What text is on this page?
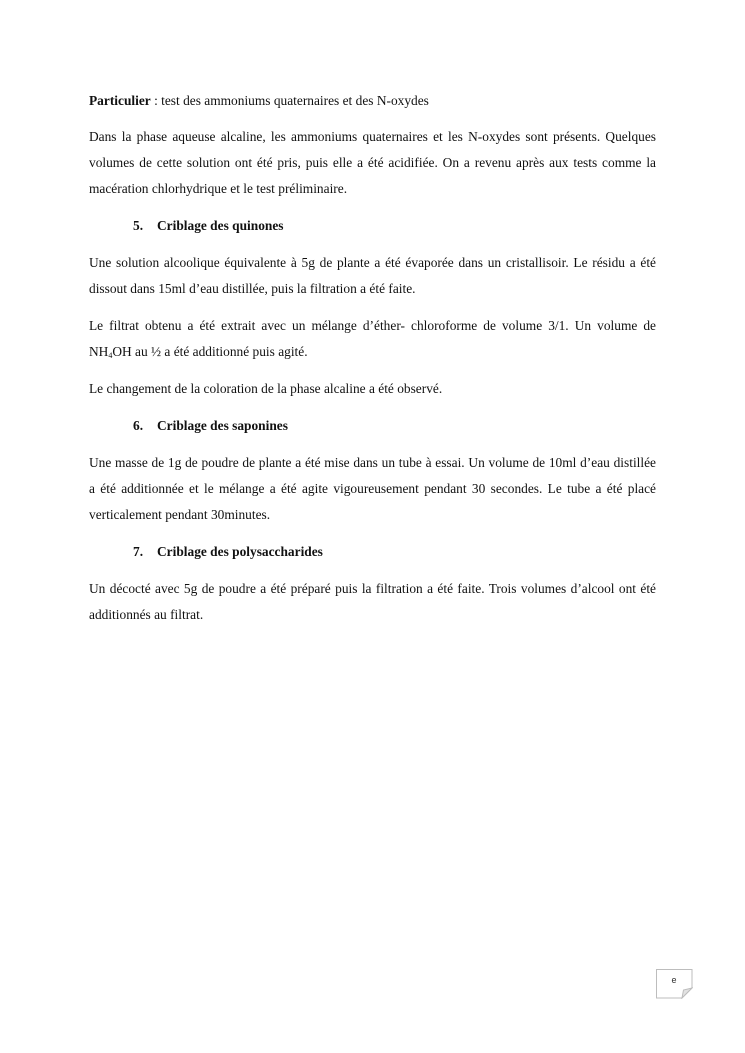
Particulier : test des ammoniums quaternaires et des N-oxydes

Dans la phase aqueuse alcaline, les ammoniums quaternaires et les N-oxydes sont présents. Quelques volumes de cette solution ont été pris, puis elle a été acidifiée. On a revenu après aux tests comme la macération chlorhydrique et le test préliminaire.

5. Criblage des quinones

Une solution alcoolique équivalente à 5g de plante a été évaporée dans un cristallisoir. Le résidu a été dissout dans 15ml d’eau distillée, puis la filtration a été faite.

Le filtrat obtenu a été extrait avec un mélange d’éther- chloroforme de volume 3/1. Un volume de $NH_4OH$ au ½ a été additionné puis agité.

Le changement de la coloration de la phase alcaline a été observé.

6. Criblage des saponines

Une masse de 1g de poudre de plante a été mise dans un tube à essai. Un volume de 10ml d’eau distillée a été additionnée et le mélange a été agite vigoureusement pendant 30 secondes. Le tube a été placé verticalement pendant 30minutes.

7. Criblage des polysaccharides

Un décocté avec 5g de poudre a été préparé puis la filtration a été faite. Trois volumes d’alcool ont été additionnés au filtrat.

e
